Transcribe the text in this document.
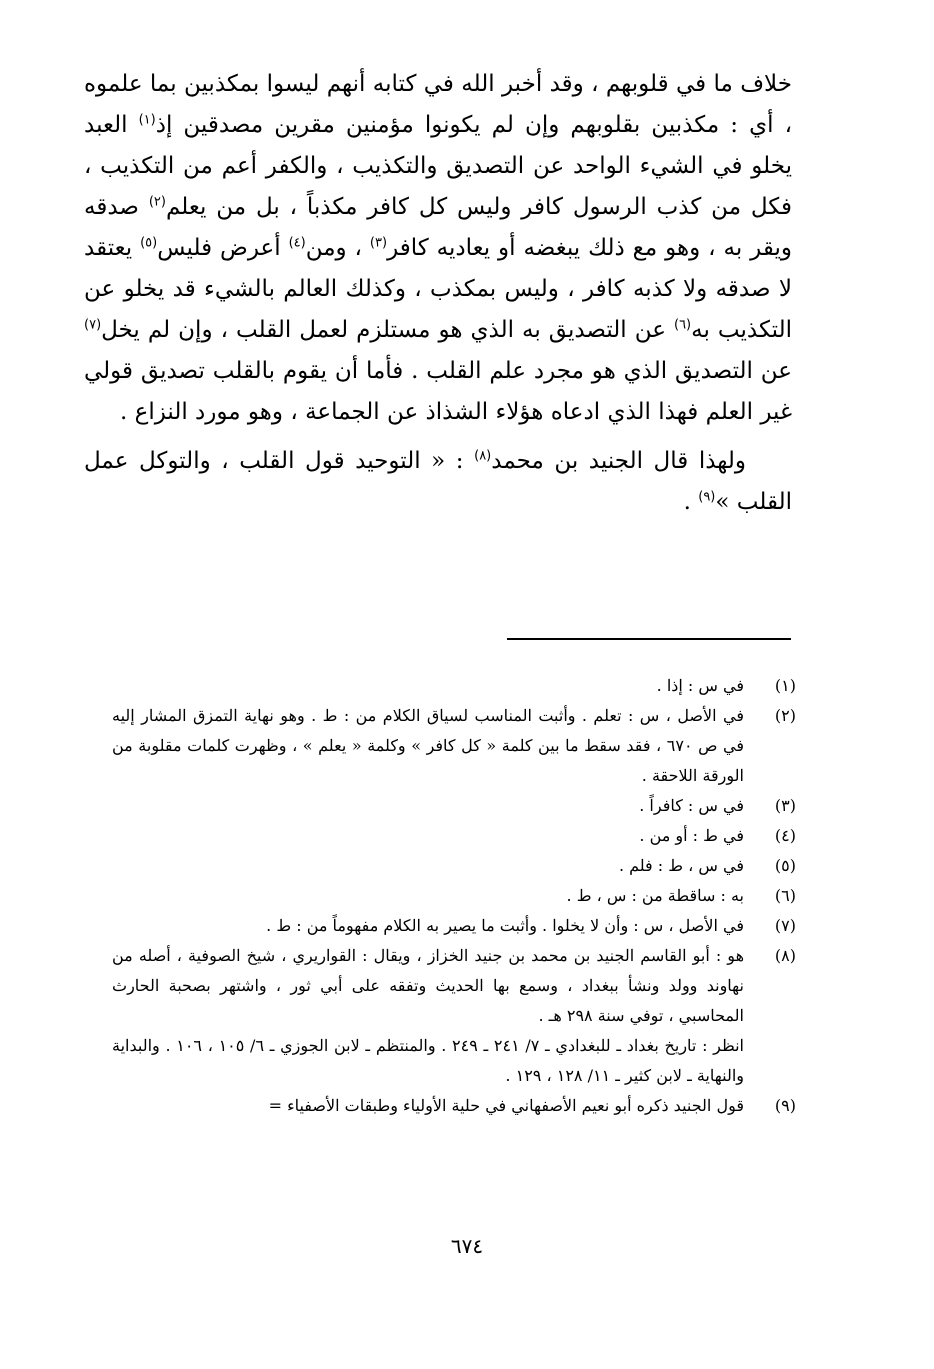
خلاف ما في قلوبهم ، وقد أخبر الله في كتابه أنهم ليسوا بمكذبين بما علموه ، أي : مكذبين بقلوبهم وإن لم يكونوا مؤمنين مقرين مصدقين إذ$^{(١)}$ العبد يخلو في الشيء الواحد عن التصديق والتكذيب ، والكفر أعم من التكذيب ، فكل من كذب الرسول كافر وليس كل كافر مكذباً ، بل من يعلم$^{(٢)}$ صدقه ويقر به ، وهو مع ذلك يبغضه أو يعاديه كافر$^{(٣)}$ ، ومن$^{(٤)}$ أعرض فليس$^{(٥)}$ يعتقد لا صدقه ولا كذبه كافر ، وليس بمكذب ، وكذلك العالم بالشيء قد يخلو عن التكذيب به$^{(٦)}$ عن التصديق به الذي هو مستلزم لعمل القلب ، وإن لم يخل$^{(٧)}$ عن التصديق الذي هو مجرد علم القلب . فأما أن يقوم بالقلب تصديق قولي غير العلم فهذا الذي ادعاه هؤلاء الشذاذ عن الجماعة ، وهو مورد النزاع .

  ولهذا قال الجنيد بن محمد$^{(٨)}$ : « التوحيد قول القلب ، والتوكل عمل القلب »$^{(٩)}$ .

(١)
في س : إذا .
(٢)
في الأصل ، س : تعلم . وأثبت المناسب لسياق الكلام من : ط . وهو نهاية التمزق المشار إليه في ص ٦٧٠ ، فقد سقط ما بين كلمة « كل كافر » وكلمة « يعلم » ، وظهرت كلمات مقلوبة من الورقة اللاحقة .
(٣)
في س : كافراً .
(٤)
في ط : أو من .
(٥)
في س ، ط : فلم .
(٦)
به : ساقطة من : س ، ط .
(٧)
في الأصل ، س : وأن لا يخلوا . وأثبت ما يصير به الكلام مفهوماً من : ط .
(٨)
هو : أبو القاسم الجنيد بن محمد بن جنيد الخزاز ، ويقال : القواريري ، شيخ الصوفية ، أصله من نهاوند وولد ونشأ ببغداد ، وسمع بها الحديث وتفقه على أبي ثور ، واشتهر بصحبة الحارث المحاسبي ، توفي سنة ٢٩٨ هـ .
انظر : تاريخ بغداد ـ للبغدادي ـ ٧/ ٢٤١ ـ ٢٤٩ . والمنتظم ـ لابن الجوزي ـ ٦/ ١٠٥ ، ١٠٦ . والبداية والنهاية ـ لابن كثير ـ ١١/ ١٢٨ ، ١٢٩ .
(٩)
قول الجنيد ذكره أبو نعيم الأصفهاني في حلية الأولياء وطبقات الأصفياء =
٦٧٤
